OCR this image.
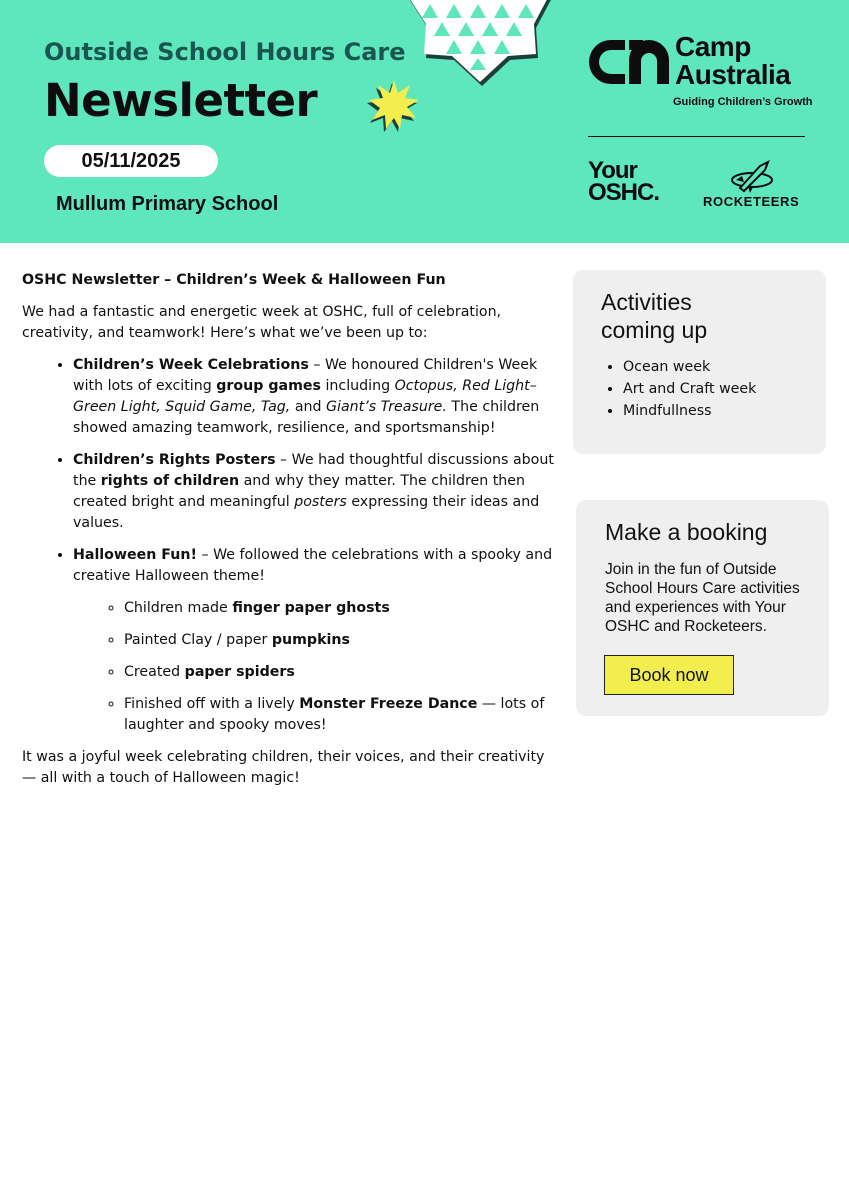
Outside School Hours Care
Newsletter
05/11/2025
Mullum Primary School
Camp
Australia
Guiding Children’s Growth
Your
OSHC.	ROCKETEERS
OSHC Newsletter – Children’s Week & Halloween Fun

We had a fantastic and energetic week at OSHC, full of celebration, creativity, and teamwork! Here’s what we’ve been up to:

• Children’s Week Celebrations – We honoured Children's Week with lots of exciting group games including Octopus, Red Light–Green Light, Squid Game, Tag, and Giant’s Treasure. The children showed amazing teamwork, resilience, and sportsmanship!
• Children’s Rights Posters – We had thoughtful discussions about the rights of children and why they matter. The children then created bright and meaningful posters expressing their ideas and values.
• Halloween Fun! – We followed the celebrations with a spooky and creative Halloween theme!
◦ Children made finger paper ghosts
◦ Painted Clay / paper pumpkins
◦ Created paper spiders
◦ Finished off with a lively Monster Freeze Dance — lots of laughter and spooky moves!

It was a joyful week celebrating children, their voices, and their creativity — all with a touch of Halloween magic!

Activities
coming up
• Ocean week
• Art and Craft week
• Mindfullness
Make a booking
Join in the fun of Outside School Hours Care activities and experiences with Your OSHC and Rocketeers.
Book now
